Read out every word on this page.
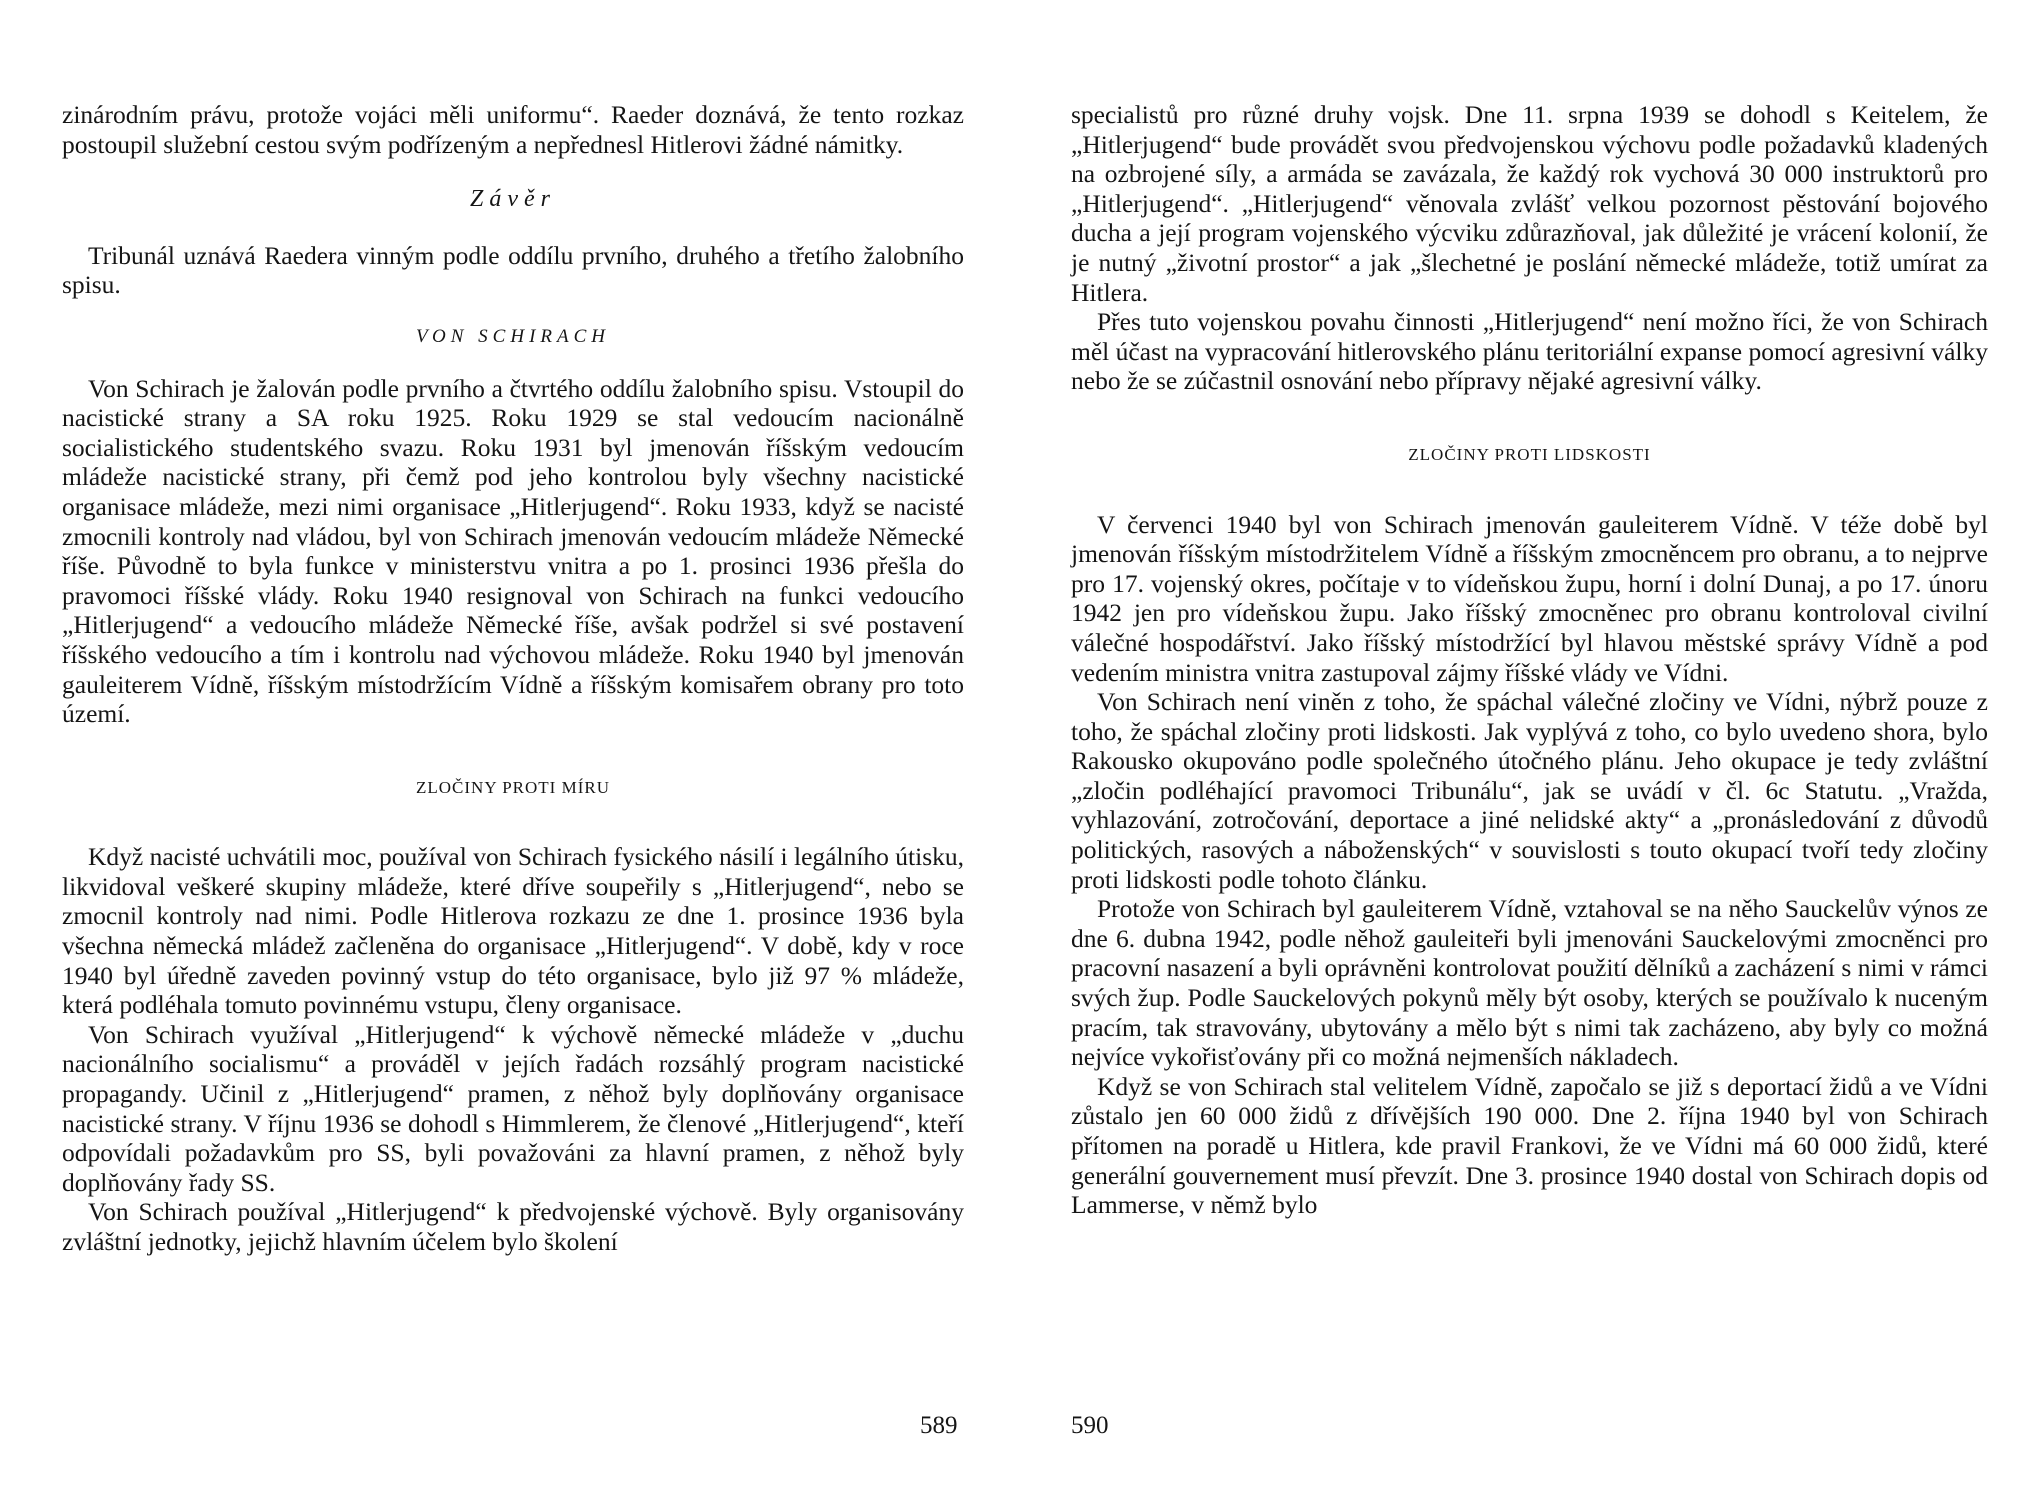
zinárodním právu, protože vojáci měli uniformu“. Raeder doznává, že tento rozkaz postoupil služební cestou svým podřízeným a nepřednesl Hitlerovi žádné námitky.

Závěr

Tribunál uznává Raedera vinným podle oddílu prvního, druhého a třetího žalobního spisu.

VON SCHIRACH

Von Schirach je žalován podle prvního a čtvrtého oddílu žalobního spisu. Vstoupil do nacistické strany a SA roku 1925. Roku 1929 se stal vedoucím nacionálně socialistického studentského svazu. Roku 1931 byl jmenován říšským vedoucím mládeže nacistické strany, při čemž pod jeho kontrolou byly všechny nacistické organisace mládeže, mezi nimi organisace „Hitlerjugend“. Roku 1933, když se nacisté zmocnili kontroly nad vládou, byl von Schirach jmenován vedoucím mládeže Německé říše. Původně to byla funkce v ministerstvu vnitra a po 1. prosinci 1936 přešla do pravomoci říšské vlády. Roku 1940 resignoval von Schirach na funkci vedoucího „Hitlerjugend“ a vedoucího mládeže Německé říše, avšak podržel si své postavení říšského vedoucího a tím i kontrolu nad výchovou mládeže. Roku 1940 byl jmenován gauleiterem Vídně, říšským místodržícím Vídně a říšským komisařem obrany pro toto území.

ZLOČINY PROTI MÍRU

Když nacisté uchvátili moc, používal von Schirach fysického násilí i legálního útisku, likvidoval veškeré skupiny mládeže, které dříve soupeřily s „Hitlerjugend“, nebo se zmocnil kontroly nad nimi. Podle Hitlerova rozkazu ze dne 1. prosince 1936 byla všechna německá mládež začleněna do organisace „Hitlerjugend“. V době, kdy v roce 1940 byl úředně zaveden povinný vstup do této organisace, bylo již 97 % mládeže, která podléhala tomuto povinnému vstupu, členy organisace.

Von Schirach využíval „Hitlerjugend“ k výchově německé mládeže v „duchu nacionálního socialismu“ a prováděl v jejích řadách rozsáhlý program nacistické propagandy. Učinil z „Hitlerjugend“ pramen, z něhož byly doplňovány organisace nacistické strany. V říjnu 1936 se dohodl s Himmlerem, že členové „Hitlerjugend“, kteří odpovídali požadavkům pro SS, byli považováni za hlavní pramen, z něhož byly doplňovány řady SS.

Von Schirach používal „Hitlerjugend“ k předvojenské výchově. Byly organisovány zvláštní jednotky, jejichž hlavním účelem bylo školení

589

specialistů pro různé druhy vojsk. Dne 11. srpna 1939 se dohodl s Keitelem, že „Hitlerjugend“ bude provádět svou předvojenskou výchovu podle požadavků kladených na ozbrojené síly, a armáda se zavázala, že každý rok vychová 30 000 instruktorů pro „Hitlerjugend“. „Hitlerjugend“ věnovala zvlášť velkou pozornost pěstování bojového ducha a její program vojenského výcviku zdůrazňoval, jak důležité je vrácení kolonií, že je nutný „životní prostor“ a jak „šlechetné je poslání německé mládeže, totiž umírat za Hitlera.

Přes tuto vojenskou povahu činnosti „Hitlerjugend“ není možno říci, že von Schirach měl účast na vypracování hitlerovského plánu teritoriální expanse pomocí agresivní války nebo že se zúčastnil osnování nebo přípravy nějaké agresivní války.

ZLOČINY PROTI LIDSKOSTI

V červenci 1940 byl von Schirach jmenován gauleiterem Vídně. V téže době byl jmenován říšským místodržitelem Vídně a říšským zmocněncem pro obranu, a to nejprve pro 17. vojenský okres, počítaje v to vídeňskou župu, horní i dolní Dunaj, a po 17. únoru 1942 jen pro vídeňskou župu. Jako říšský zmocněnec pro obranu kontroloval civilní válečné hospodářství. Jako říšský místodržící byl hlavou městské správy Vídně a pod vedením ministra vnitra zastupoval zájmy říšské vlády ve Vídni.

Von Schirach není viněn z toho, že spáchal válečné zločiny ve Vídni, nýbrž pouze z toho, že spáchal zločiny proti lidskosti. Jak vyplývá z toho, co bylo uvedeno shora, bylo Rakousko okupováno podle společného útočného plánu. Jeho okupace je tedy zvláštní „zločin podléhající pravomoci Tribunálu“, jak se uvádí v čl. 6c Statutu. „Vražda, vyhlazování, zotročování, deportace a jiné nelidské akty“ a „pronásledování z důvodů politických, rasových a náboženských“ v souvislosti s touto okupací tvoří tedy zločiny proti lidskosti podle tohoto článku.

Protože von Schirach byl gauleiterem Vídně, vztahoval se na něho Sauckelův výnos ze dne 6. dubna 1942, podle něhož gauleiteři byli jmenováni Sauckelovými zmocněnci pro pracovní nasazení a byli oprávněni kontrolovat použití dělníků a zacházení s nimi v rámci svých žup. Podle Sauckelových pokynů měly být osoby, kterých se používalo k nuceným pracím, tak stravovány, ubytovány a mělo být s nimi tak zacházeno, aby byly co možná nejvíce vykořisťovány při co možná nejmenších nákladech.

Když se von Schirach stal velitelem Vídně, započalo se již s deportací židů a ve Vídni zůstalo jen 60 000 židů z dřívějších 190 000. Dne 2. října 1940 byl von Schirach přítomen na poradě u Hitlera, kde pravil Frankovi, že ve Vídni má 60 000 židů, které generální gouvernement musí převzít. Dne 3. prosince 1940 dostal von Schirach dopis od Lammerse, v němž bylo

590
